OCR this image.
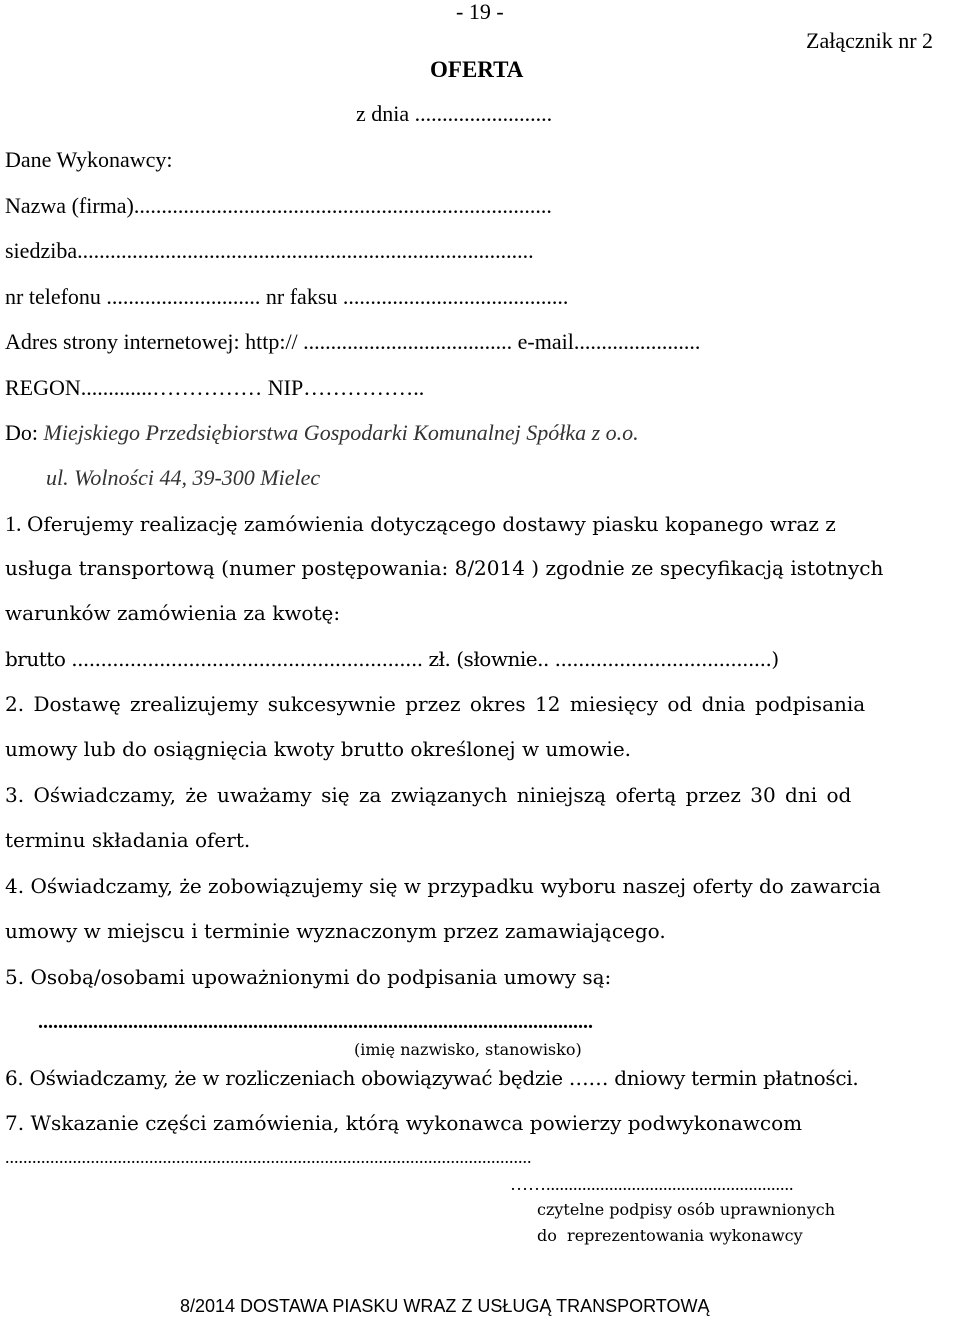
- 19 -
Załącznik nr 2
OFERTA
z dnia .........................
Dane Wykonawcy:
Nazwa (firma)............................................................................
siedziba...................................................................................
nr telefonu ............................ nr faksu .........................................
Adres strony internetowej: http:// ...................................... e-mail.......................
REGON.............…………… NIP……………..
Do: Miejskiego Przedsiębiorstwa Gospodarki Komunalnej Spółka z o.o.
ul. Wolności 44, 39-300 Mielec
1. Oferujemy realizację zamówienia dotyczącego dostawy piasku kopanego wraz z
usługa transportową (numer postępowania: 8/2014 ) zgodnie ze specyfikacją istotnych
warunków zamówienia za kwotę:
brutto ............................................................ zł. (słownie.. .....................................)
2. Dostawę zrealizujemy sukcesywnie przez okres 12 miesięcy od dnia podpisania
umowy lub do osiągnięcia kwoty brutto określonej w umowie.
3. Oświadczamy, że uważamy się za związanych niniejszą ofertą przez 30 dni od
terminu składania ofert.
4. Oświadczamy, że zobowiązujemy się w przypadku wyboru naszej oferty do zawarcia
umowy w miejscu i terminie wyznaczonym przez zamawiającego.
5. Osobą/osobami upoważnionymi do podpisania umowy są:
...............................................................................................................
(imię nazwisko, stanowisko)
6. Oświadczamy, że w rozliczeniach obowiązywać będzie …… dniowy termin płatności.
7. Wskazanie części zamówienia, którą wykonawca powierzy podwykonawcom
.....................................................................................................................
…….......................................................
czytelne podpisy osób uprawnionych
do  reprezentowania wykonawcy
8/2014 DOSTAWA PIASKU WRAZ Z USŁUGĄ TRANSPORTOWĄ
